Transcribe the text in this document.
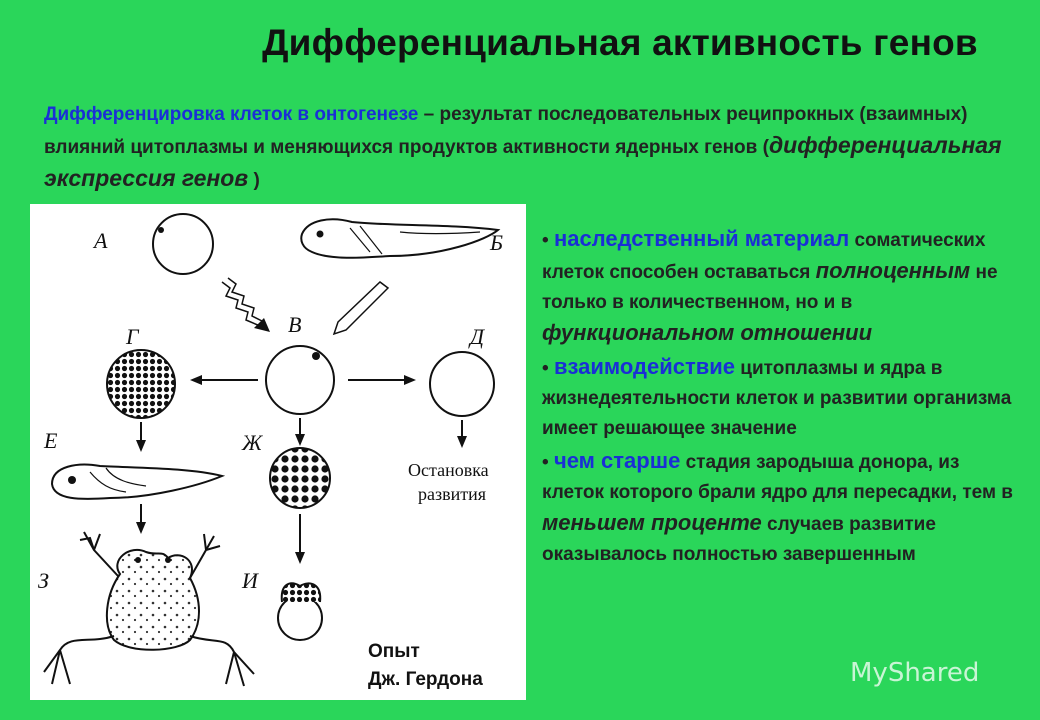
Дифференциальная активность генов
Дифференцировка клеток в онтогенезе – результат последовательных реципрокных (взаимных) влияний цитоплазмы и меняющихся продуктов активности ядерных генов (дифференциальная экспрессия генов )
А	Б
В
Г	Д
Е	Ж
З	И
Остановка
развития
Опыт
Дж. Гердона

• наследственный материал соматических клеток способен оставаться полноценным не только в количественном, но и в функциональном отношении

• взаимодействие цитоплазмы и ядра в жизнедеятельности клеток и развитии организма имеет решающее значение

• чем старше стадия зародыша донора, из клеток которого брали ядро для пересадки, тем в меньшем проценте случаев развитие оказывалось полностью завершенным

MyShared
